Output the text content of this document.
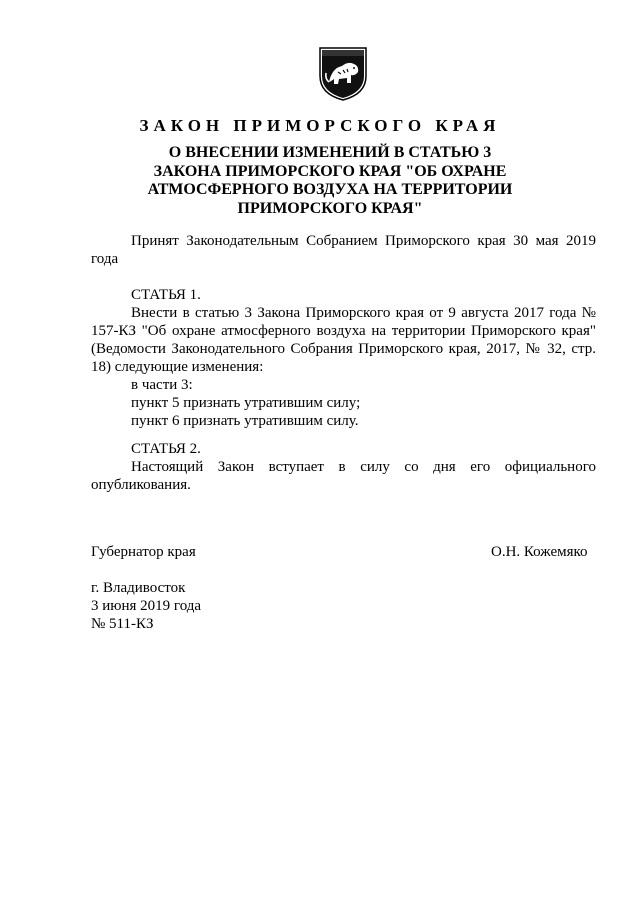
ЗАКОН ПРИМОРСКОГО КРАЯ
О ВНЕСЕНИИ ИЗМЕНЕНИЙ В СТАТЬЮ 3 ЗАКОНА ПРИМОРСКОГО КРАЯ "ОБ ОХРАНЕ АТМОСФЕРНОГО ВОЗДУХА НА ТЕРРИТОРИИ ПРИМОРСКОГО КРАЯ"
Принят Законодательным Собранием Приморского края 30 мая 2019 года
СТАТЬЯ 1.
Внести в статью 3 Закона Приморского края от 9 августа 2017 года № 157-КЗ "Об охране атмосферного воздуха на территории Приморского края" (Ведомости Законодательного Собрания Приморского края, 2017, № 32, стр. 18) следующие изменения:
в части 3:
пункт 5 признать утратившим силу;
пункт 6 признать утратившим силу.
СТАТЬЯ 2.
Настоящий Закон вступает в силу со дня его официального опубликования.
Губернатор края	О.Н. Кожемяко
г. Владивосток
3 июня 2019 года
№ 511-КЗ
